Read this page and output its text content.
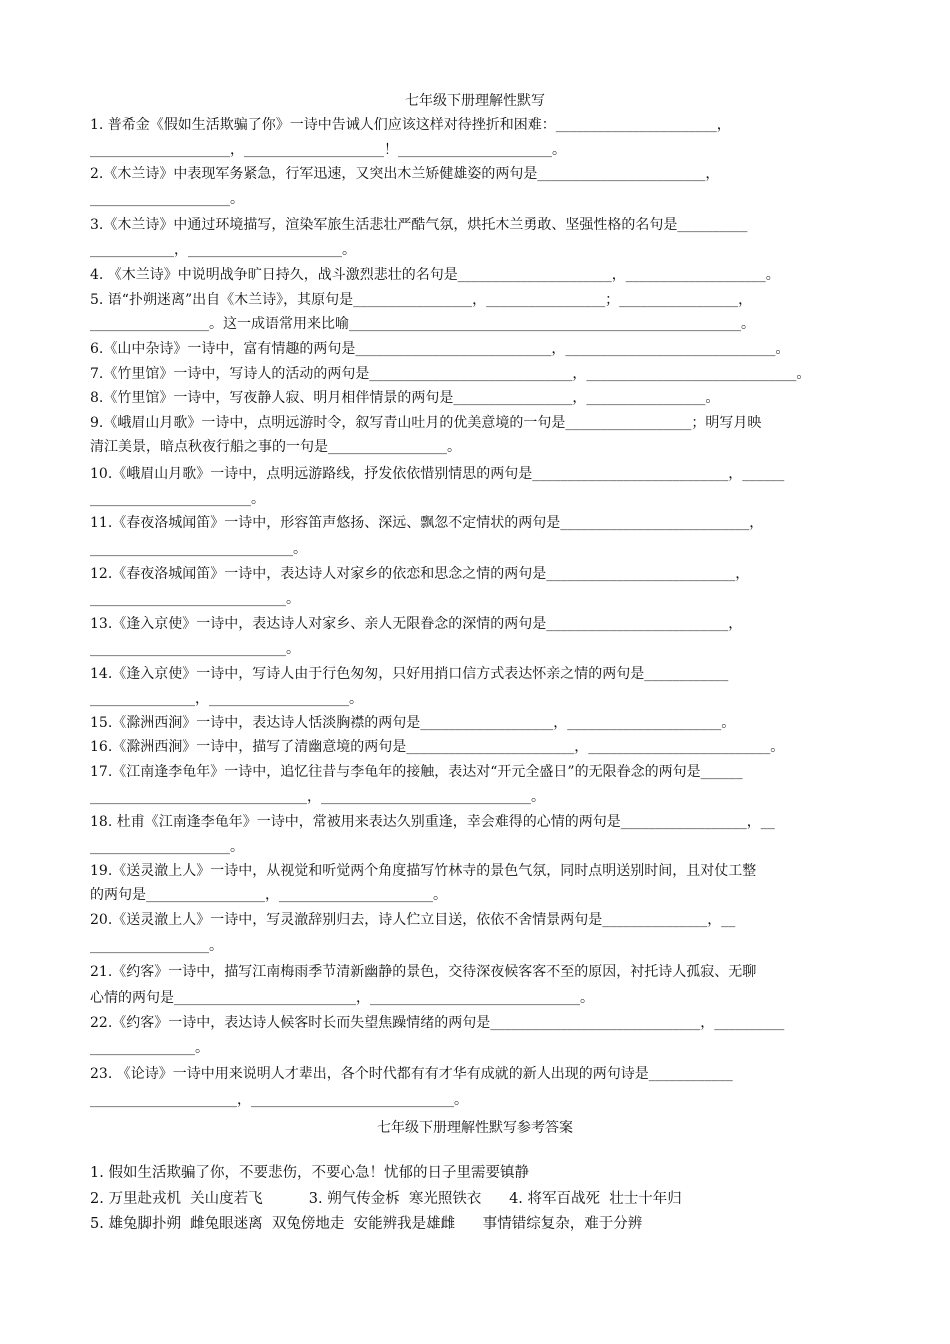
七年级下册理解性默写
1. 普希金《假如生活欺骗了你》一诗中告诫人们应该这样对待挫折和困难：_______________________，
____________________，____________________！______________________。
2.《木兰诗》中表现军务紧急，行军迅速，又突出木兰矫健雄姿的两句是________________________，
____________________。
3.《木兰诗》中通过环境描写，渲染军旅生活悲壮严酷气氛，烘托木兰勇敢、坚强性格的名句是__________
____________，______________________。
4. 《木兰诗》中说明战争旷日持久，战斗激烈悲壮的名句是______________________，____________________。
5. 语“扑朔迷离”出自《木兰诗》，其原句是_________________，_________________；_________________，
_________________。这一成语常用来比喻________________________________________________________。
6.《山中杂诗》一诗中，富有情趣的两句是____________________________，______________________________。
7.《竹里馆》一诗中，写诗人的活动的两句是_____________________________，______________________________。
8.《竹里馆》一诗中，写夜静人寂、明月相伴情景的两句是_________________，_________________。
9.《峨眉山月歌》一诗中，点明远游时令，叙写青山吐月的优美意境的一句是__________________；明写月映
清江美景，暗点秋夜行船之事的一句是_________________。
10.《峨眉山月歌》一诗中，点明远游路线，抒发依依惜别情思的两句是____________________________，______
_______________________。
11.《春夜洛城闻笛》一诗中，形容笛声悠扬、深远、飘忽不定情状的两句是___________________________，
_____________________________。
12.《春夜洛城闻笛》一诗中，表达诗人对家乡的依恋和思念之情的两句是___________________________，
____________________________。
13.《逢入京使》一诗中，表达诗人对家乡、亲人无限眷念的深情的两句是__________________________，
____________________________。
14.《逢入京使》一诗中，写诗人由于行色匆匆，只好用捎口信方式表达怀亲之情的两句是____________
_______________，____________________。
15.《滁洲西涧》一诗中，表达诗人恬淡胸襟的两句是___________________，______________________。
16.《滁洲西涧》一诗中，描写了清幽意境的两句是________________________，__________________________。
17.《江南逢李龟年》一诗中，追忆往昔与李龟年的接触，表达对“开元全盛日”的无限眷念的两句是______
_______________________________，______________________________。
18. 杜甫《江南逢李龟年》一诗中，常被用来表达久别重逢，幸会难得的心情的两句是__________________，__
____________________。
19.《送灵澈上人》一诗中，从视觉和听觉两个角度描写竹林寺的景色气氛，同时点明送别时间，且对仗工整
的两句是_________________，______________________。
20.《送灵澈上人》一诗中，写灵澈辞别归去，诗人伫立目送，依依不舍情景两句是_______________，__
_________________。
21.《约客》一诗中，描写江南梅雨季节清新幽静的景色，交待深夜候客客不至的原因，衬托诗人孤寂、无聊
心情的两句是__________________________，______________________________。
22.《约客》一诗中，表达诗人候客时长而失望焦躁情绪的两句是______________________________，__________
_______________。
23. 《论诗》一诗中用来说明人才辈出，各个时代都有有才华有成就的新人出现的两句诗是____________
_____________________，_____________________________。
七年级下册理解性默写参考答案
1. 假如生活欺骗了你，不要悲伤，不要心急！忧郁的日子里需要镇静
2. 万里赴戎机  关山度若飞          3. 朔气传金柝  寒光照铁衣      4. 将军百战死  壮士十年归
5. 雄兔脚扑朔  雌兔眼迷离  双兔傍地走  安能辨我是雄雌      事情错综复杂，难于分辨
